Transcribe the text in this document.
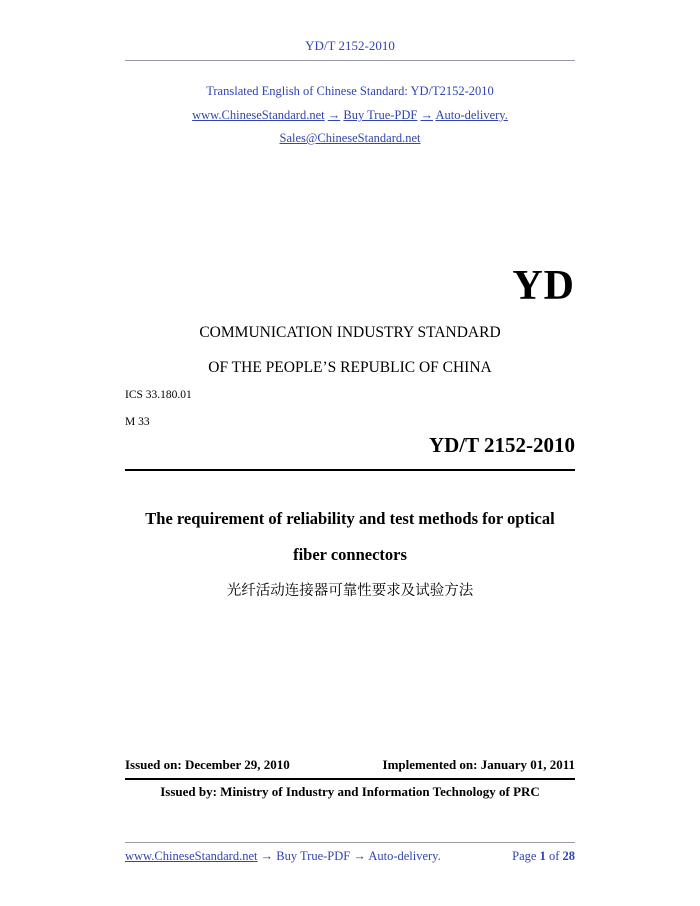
YD/T 2152-2010
Translated English of Chinese Standard: YD/T2152-2010
www.ChineseStandard.net → Buy True-PDF → Auto-delivery.
Sales@ChineseStandard.net
YD
COMMUNICATION INDUSTRY STANDARD
OF THE PEOPLE’S REPUBLIC OF CHINA
ICS 33.180.01
M 33
YD/T 2152-2010
The requirement of reliability and test methods for optical
fiber connectors
光纤活动连接器可靠性要求及试验方法
Issued on: December 29, 2010	Implemented on: January 01, 2011
Issued by: Ministry of Industry and Information Technology of PRC
www.ChineseStandard.net → Buy True-PDF → Auto-delivery.	Page 1 of 28
